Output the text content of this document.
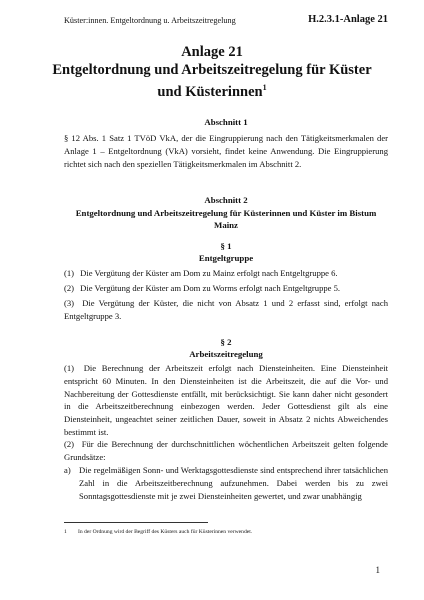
Küster:innen. Entgeltordnung u. Arbeitszeitregelung	H.2.3.1-Anlage 21
Anlage 21
Entgeltordnung und Arbeitszeitregelung für Küster und Küsterinnen$^1$
Abschnitt 1
§ 12 Abs. 1 Satz 1 TVöD VkA, der die Eingruppierung nach den Tätigkeitsmerkmalen der Anlage 1 – Entgeltordnung (VkA) vorsieht, findet keine Anwendung. Die Eingruppierung richtet sich nach den speziellen Tätigkeitsmerkmalen im Abschnitt 2.
Abschnitt 2
Entgeltordnung und Arbeitszeitregelung für Küsterinnen und Küster im Bistum Mainz
§ 1
Entgeltgruppe
(1) Die Vergütung der Küster am Dom zu Mainz erfolgt nach Entgeltgruppe 6.
(2) Die Vergütung der Küster am Dom zu Worms erfolgt nach Entgeltgruppe 5.
(3) Die Vergütung der Küster, die nicht von Absatz 1 und 2 erfasst sind, erfolgt nach Entgeltgruppe 3.
§ 2
Arbeitszeitregelung
(1) Die Berechnung der Arbeitszeit erfolgt nach Diensteinheiten. Eine Diensteinheit entspricht 60 Minuten. In den Diensteinheiten ist die Arbeitszeit, die auf die Vor- und Nachbereitung der Gottesdienste entfällt, mit berücksichtigt. Sie kann daher nicht gesondert in die Arbeitszeitberechnung einbezogen werden. Jeder Gottesdienst gilt als eine Diensteinheit, ungeachtet seiner zeitlichen Dauer, soweit in Absatz 2 nichts Abweichendes bestimmt ist.
(2) Für die Berechnung der durchschnittlichen wöchentlichen Arbeitszeit gelten folgende Grundsätze:
a) Die regelmäßigen Sonn- und Werktagsgottesdienste sind entsprechend ihrer tatsächlichen Zahl in die Arbeitszeitberechnung aufzunehmen. Dabei werden bis zu zwei Sonntagsgottesdienste mit je zwei Diensteinheiten gewertet, und zwar unabhängig
1 In der Ordnung wird der Begriff des Küsters auch für Küsterinnen verwendet.
1
